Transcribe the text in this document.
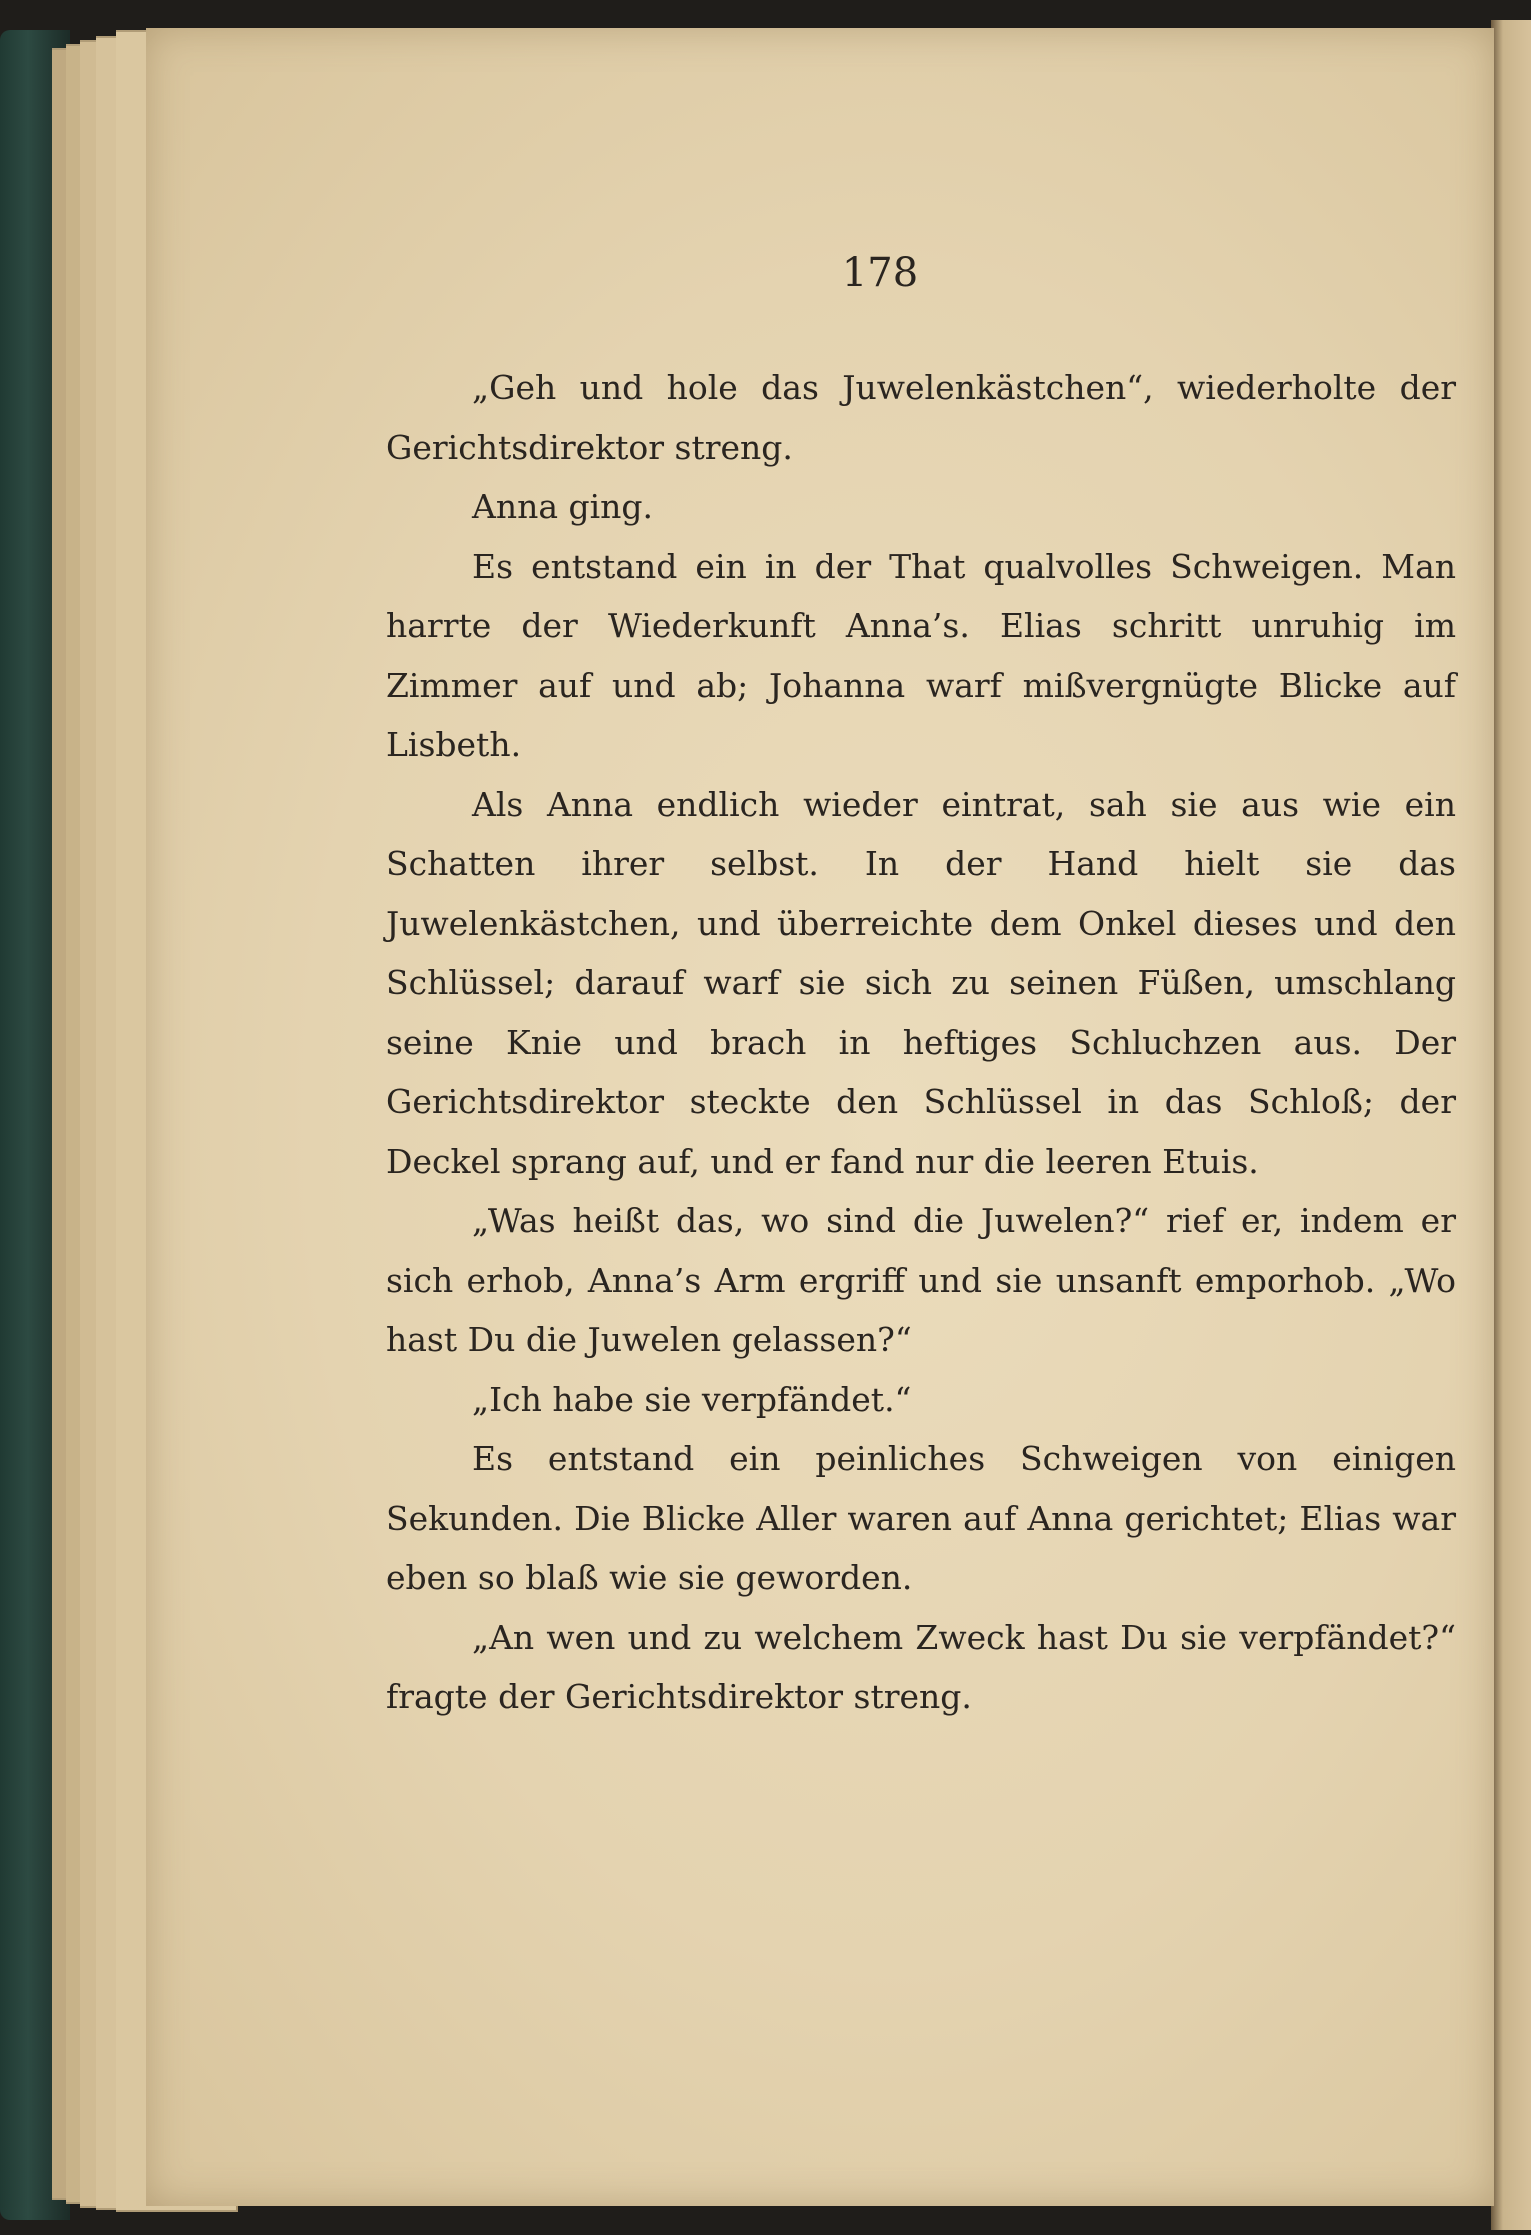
178

„Geh und hole das Juwelenkästchen“, wiederholte der Gerichtsdirektor streng.

Anna ging.

Es entstand ein in der That qualvolles Schweigen. Man harrte der Wiederkunft Anna’s. Elias schritt unruhig im Zimmer auf und ab; Johanna warf mißvergnügte Blicke auf Lisbeth.

Als Anna endlich wieder eintrat, sah sie aus wie ein Schatten ihrer selbst. In der Hand hielt sie das Juwelenkästchen, und überreichte dem Onkel dieses und den Schlüssel; darauf warf sie sich zu seinen Füßen, umschlang seine Knie und brach in heftiges Schluchzen aus. Der Gerichtsdirektor steckte den Schlüssel in das Schloß; der Deckel sprang auf, und er fand nur die leeren Etuis.

„Was heißt das, wo sind die Juwelen?“ rief er, indem er sich erhob, Anna’s Arm ergriff und sie unsanft emporhob. „Wo hast Du die Juwelen gelassen?“

„Ich habe sie verpfändet.“

Es entstand ein peinliches Schweigen von einigen Sekunden. Die Blicke Aller waren auf Anna gerichtet; Elias war eben so blaß wie sie geworden.

„An wen und zu welchem Zweck hast Du sie verpfändet?“ fragte der Gerichtsdirektor streng.
